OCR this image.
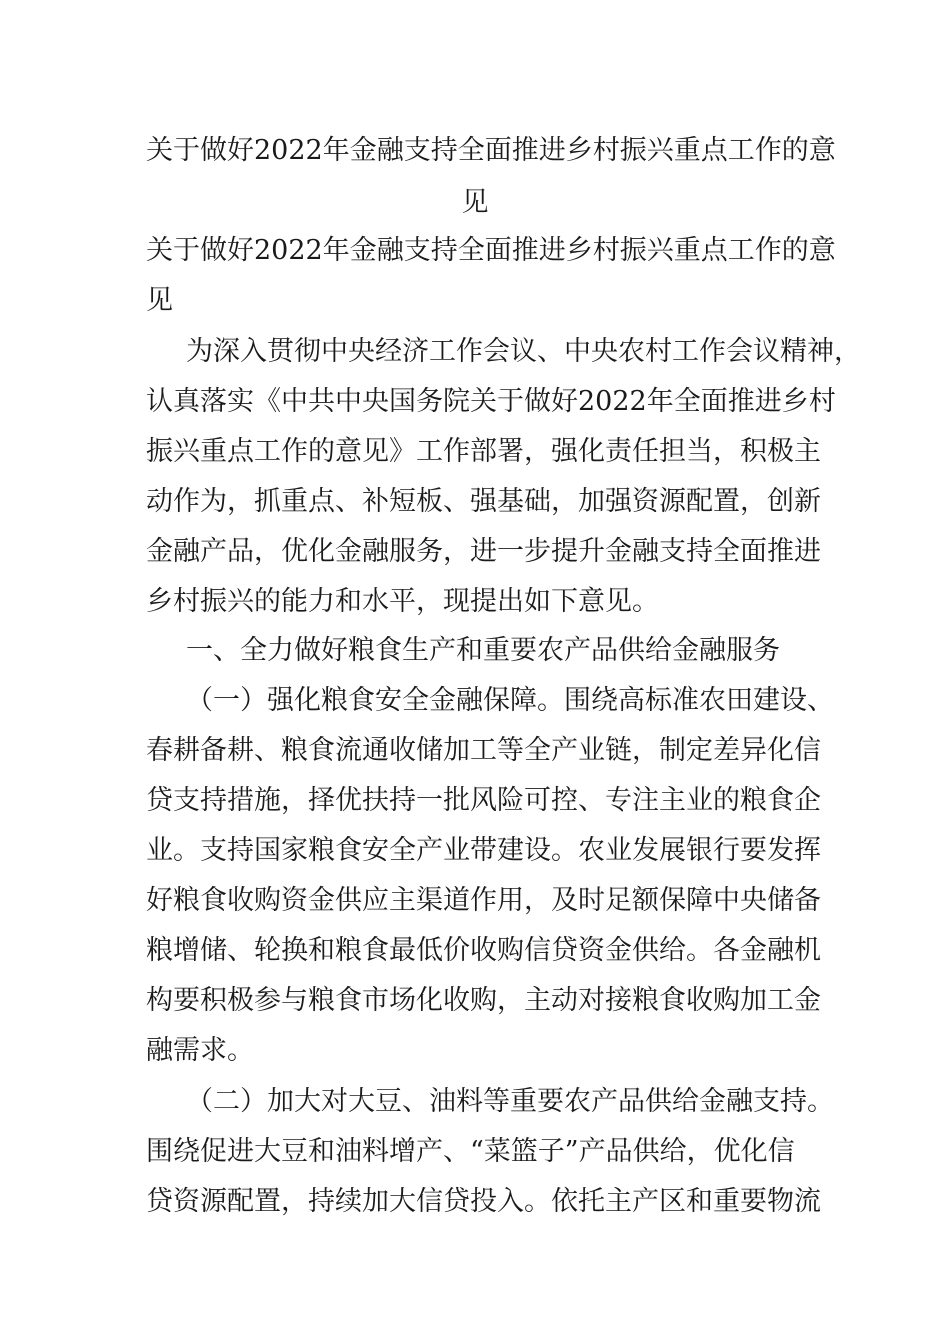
关于做好2022年金融支持全面推进乡村振兴重点工作的意
见
关于做好2022年金融支持全面推进乡村振兴重点工作的意
见
为深入贯彻中央经济工作会议、中央农村工作会议精神，
认真落实《中共中央国务院关于做好2022年全面推进乡村
振兴重点工作的意见》工作部署，强化责任担当，积极主
动作为，抓重点、补短板、强基础，加强资源配置，创新
金融产品，优化金融服务，进一步提升金融支持全面推进
乡村振兴的能力和水平，现提出如下意见。
一、全力做好粮食生产和重要农产品供给金融服务
（一）强化粮食安全金融保障。围绕高标准农田建设、
春耕备耕、粮食流通收储加工等全产业链，制定差异化信
贷支持措施，择优扶持一批风险可控、专注主业的粮食企
业。支持国家粮食安全产业带建设。农业发展银行要发挥
好粮食收购资金供应主渠道作用，及时足额保障中央储备
粮增储、轮换和粮食最低价收购信贷资金供给。各金融机
构要积极参与粮食市场化收购，主动对接粮食收购加工金
融需求。
（二）加大对大豆、油料等重要农产品供给金融支持。
围绕促进大豆和油料增产、“菜篮子”产品供给，优化信
贷资源配置，持续加大信贷投入。依托主产区和重要物流
